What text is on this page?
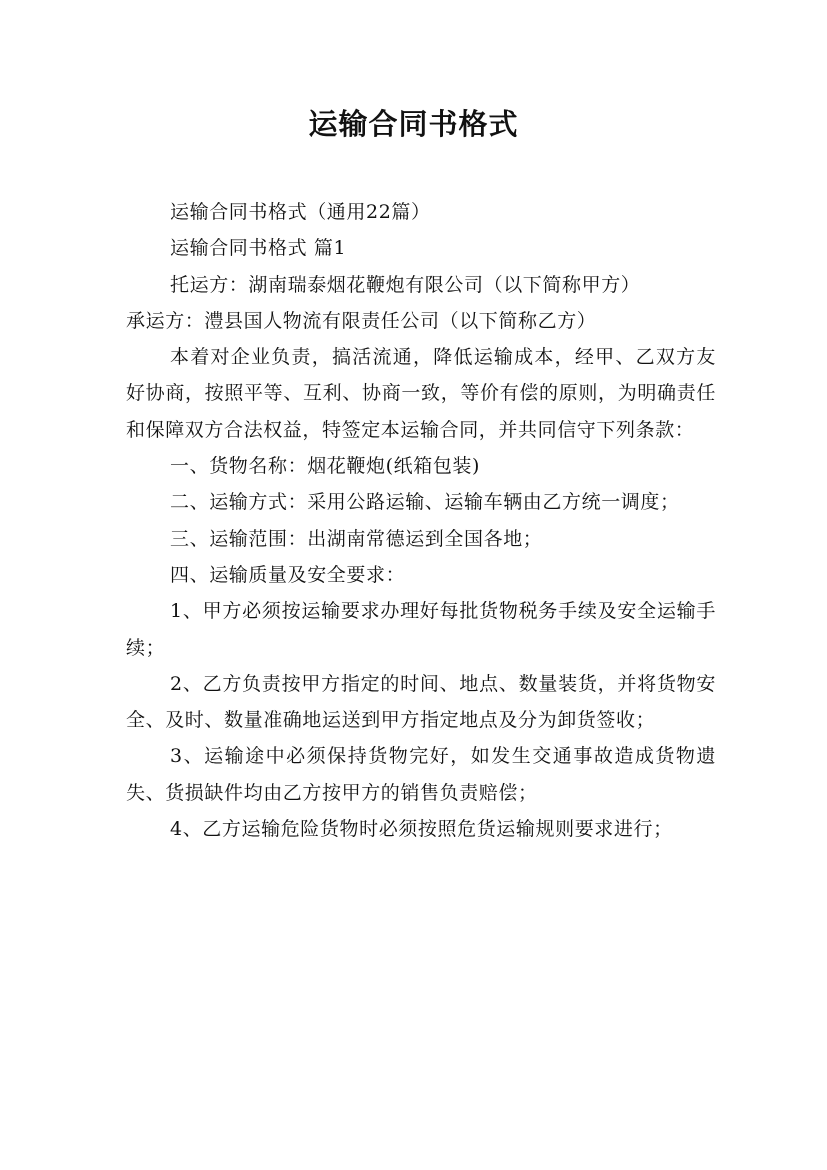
运输合同书格式

运输合同书格式（通用22篇）

运输合同书格式 篇1

托运方：湖南瑞泰烟花鞭炮有限公司（以下简称甲方）

承运方：澧县国人物流有限责任公司（以下简称乙方）

本着对企业负责，搞活流通，降低运输成本，经甲、乙双方友好协商，按照平等、互利、协商一致，等价有偿的原则，为明确责任和保障双方合法权益，特签定本运输合同，并共同信守下列条款：

一、货物名称：烟花鞭炮(纸箱包装)

二、运输方式：采用公路运输、运输车辆由乙方统一调度；

三、运输范围：出湖南常德运到全国各地；

四、运输质量及安全要求：

1、甲方必须按运输要求办理好每批货物税务手续及安全运输手续；

2、乙方负责按甲方指定的时间、地点、数量装货，并将货物安全、及时、数量准确地运送到甲方指定地点及分为卸货签收；

3、运输途中必须保持货物完好，如发生交通事故造成货物遗失、货损缺件均由乙方按甲方的销售负责赔偿；

4、乙方运输危险货物时必须按照危货运输规则要求进行；
